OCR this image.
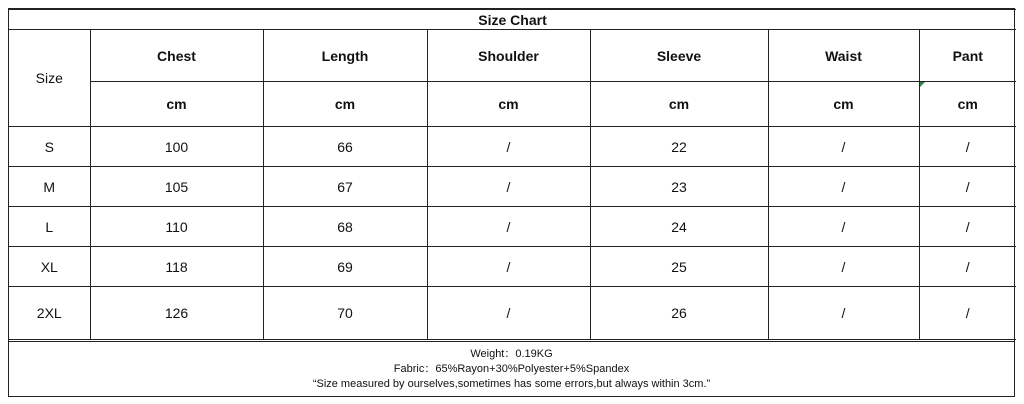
Size Chart						
Size	Chest	Length	Shoulder	Sleeve	Waist	Pant
	cm	cm	cm	cm	cm	cm
S	100	66	/	22	/	/
M	105	67	/	23	/	/
L	110	68	/	24	/	/
XL	118	69	/	25	/	/
2XL	126	70	/	26	/	/
Weight：0.19KG
Fabric：65%Rayon+30%Polyester+5%Spandex
“Size measured by ourselves,sometimes has some errors,but always within 3cm.”
